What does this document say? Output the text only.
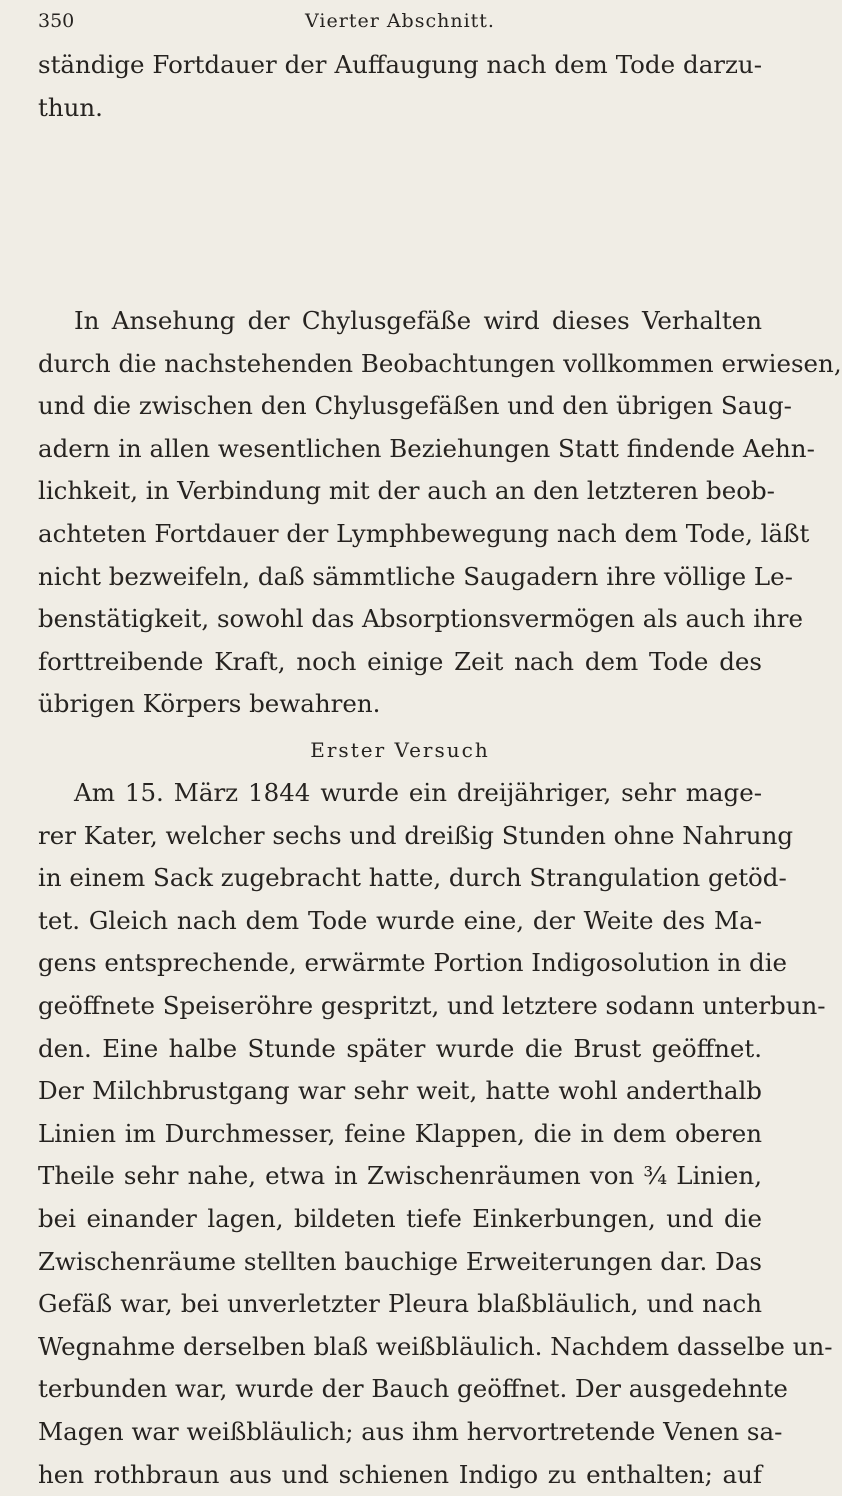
350	Vierter Abschnitt.
ständige Fortdauer der Auffaugung nach dem Tode darzu-
thun.
In Ansehung der Chylusgefäße wird dieses Verhalten
durch die nachstehenden Beobachtungen vollkommen erwiesen,
und die zwischen den Chylusgefäßen und den übrigen Saug-
adern in allen wesentlichen Beziehungen Statt findende Aehn-
lichkeit, in Verbindung mit der auch an den letzteren beob-
achteten Fortdauer der Lymphbewegung nach dem Tode, läßt
nicht bezweifeln, daß sämmtliche Saugadern ihre völlige Le-
benstätigkeit, sowohl das Absorptionsvermögen als auch ihre
forttreibende Kraft, noch einige Zeit nach dem Tode des
übrigen Körpers bewahren.
Erster Versuch
Am 15. März 1844 wurde ein dreijähriger, sehr mage-
rer Kater, welcher sechs und dreißig Stunden ohne Nahrung
in einem Sack zugebracht hatte, durch Strangulation getöd-
tet. Gleich nach dem Tode wurde eine, der Weite des Ma-
gens entsprechende, erwärmte Portion Indigosolution in die
geöffnete Speiseröhre gespritzt, und letztere sodann unterbun-
den. Eine halbe Stunde später wurde die Brust geöffnet.
Der Milchbrustgang war sehr weit, hatte wohl anderthalb
Linien im Durchmesser, feine Klappen, die in dem oberen
Theile sehr nahe, etwa in Zwischenräumen von ¾ Linien,
bei einander lagen, bildeten tiefe Einkerbungen, und die
Zwischenräume stellten bauchige Erweiterungen dar. Das
Gefäß war, bei unverletzter Pleura blaßbläulich, und nach
Wegnahme derselben blaß weißbläulich. Nachdem dasselbe un-
terbunden war, wurde der Bauch geöffnet. Der ausgedehnte
Magen war weißbläulich; aus ihm hervortretende Venen sa-
hen rothbraun aus und schienen Indigo zu enthalten; auf
